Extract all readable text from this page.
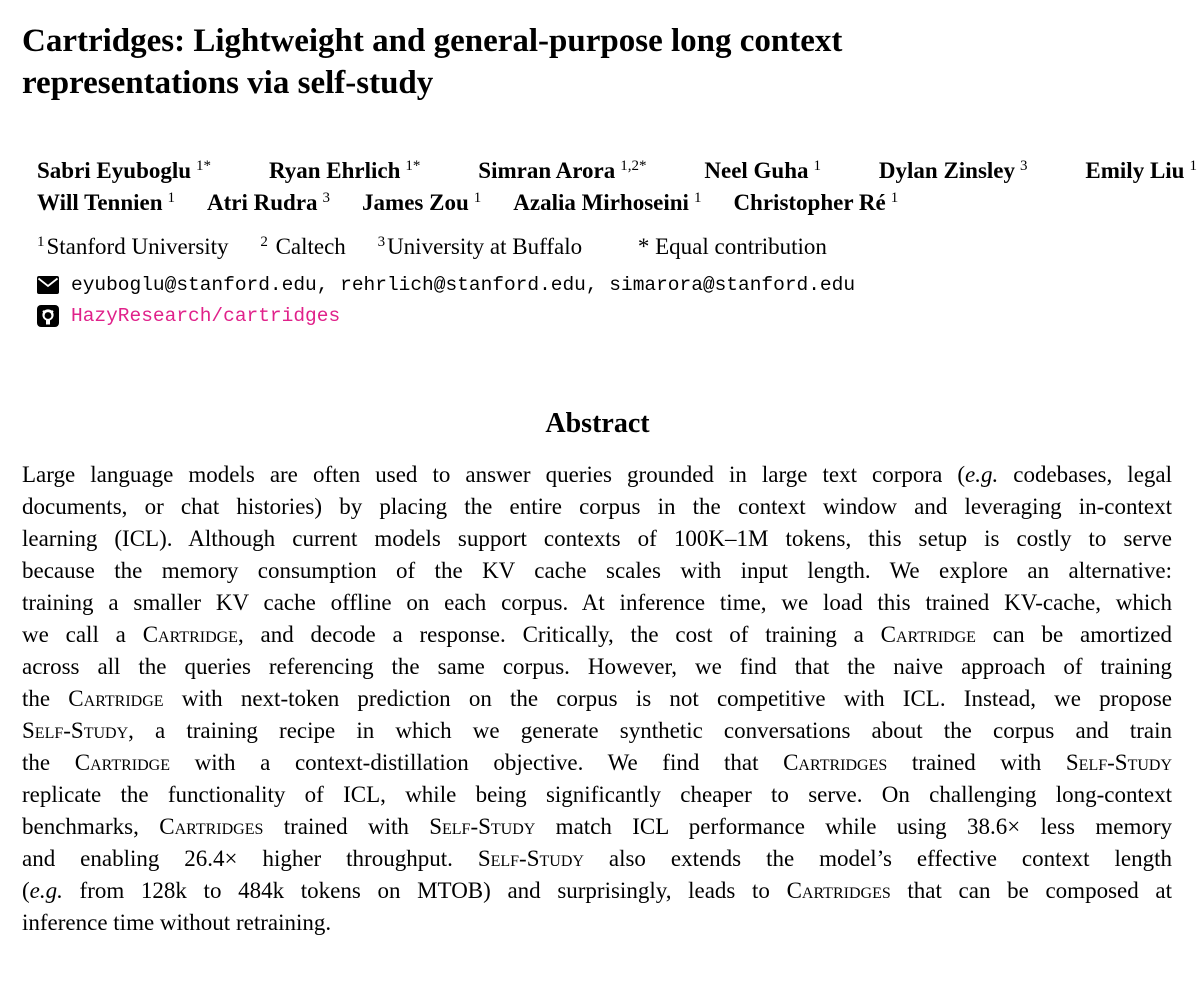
Cartridges: Lightweight and general-purpose long context
representations via self-study
Sabri Eyuboglu $^{1*}$	Ryan Ehrlich $^{1*}$	Simran Arora $^{1,2*}$	Neel Guha $^1$	Dylan Zinsley $^3$	Emily Liu $^1$
Will Tennien $^1$ Atri Rudra $^3$ James Zou $^1$ Azalia Mirhoseini $^1$ Christopher Ré $^1$
$^1$Stanford University $^2$ Caltech $^3$University at Buffalo * Equal contribution
eyuboglu@stanford.edu, rehrlich@stanford.edu, simarora@stanford.edu
HazyResearch/cartridges
Abstract
Large language models are often used to answer queries grounded in large text corpora (e.g. codebases, legal
documents, or chat histories) by placing the entire corpus in the context window and leveraging in-context
learning (ICL). Although current models support contexts of 100K–1M tokens, this setup is costly to serve
because the memory consumption of the KV cache scales with input length. We explore an alternative:
training a smaller KV cache offline on each corpus. At inference time, we load this trained KV-cache, which
we call a Cartridge, and decode a response. Critically, the cost of training a Cartridge can be amortized
across all the queries referencing the same corpus. However, we find that the naive approach of training
the Cartridge with next-token prediction on the corpus is not competitive with ICL. Instead, we propose
Self-Study, a training recipe in which we generate synthetic conversations about the corpus and train
the Cartridge with a context-distillation objective. We find that Cartridges trained with Self-Study
replicate the functionality of ICL, while being significantly cheaper to serve. On challenging long-context
benchmarks, Cartridges trained with Self-Study match ICL performance while using 38.6× less memory
and enabling 26.4× higher throughput. Self-Study also extends the model’s effective context length
(e.g. from 128k to 484k tokens on MTOB) and surprisingly, leads to Cartridges that can be composed at
inference time without retraining.
